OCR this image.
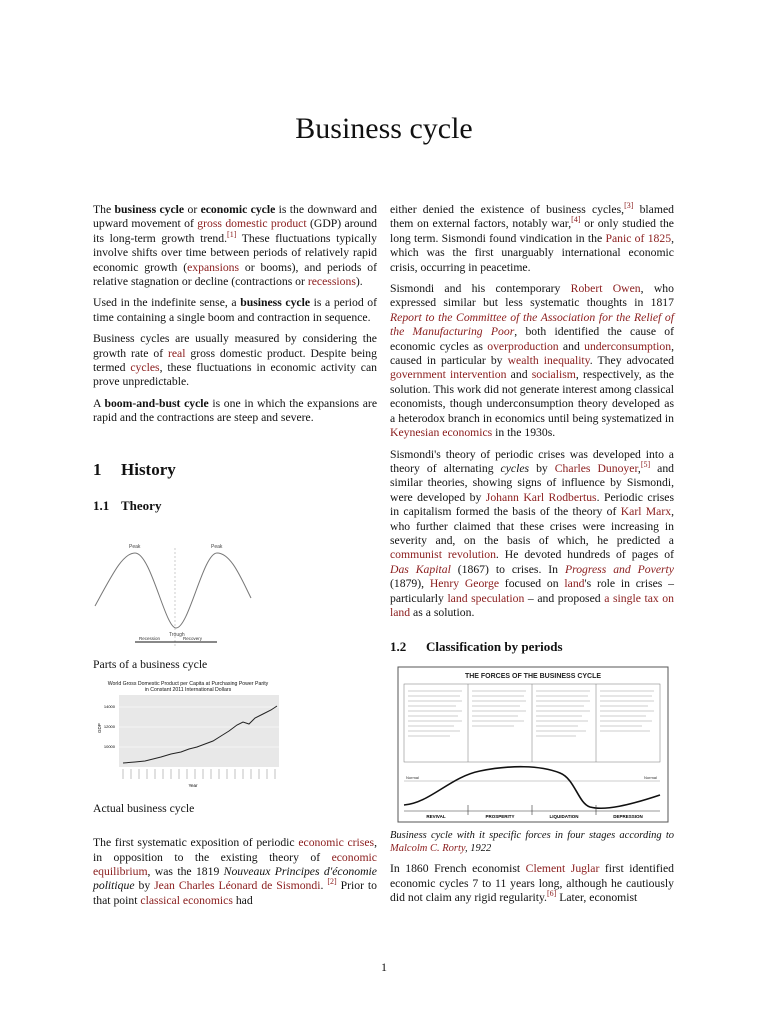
Business cycle

The business cycle or economic cycle is the downward and upward movement of gross domestic product (GDP) around its long-term growth trend.[1] These fluctuations typically involve shifts over time between periods of relatively rapid economic growth (expansions or booms), and periods of relative stagnation or decline (contractions or recessions).

Used in the indefinite sense, a business cycle is a period of time containing a single boom and contraction in sequence.

Business cycles are usually measured by considering the growth rate of real gross domestic product. Despite being termed cycles, these fluctuations in economic activity can prove unpredictable.

A boom-and-bust cycle is one in which the expansions are rapid and the contractions are steep and severe.

1 History
1.1 Theory
Peak	Peak
Trough
Recession	Recovery

Parts of a business cycle

World Gross Domestic Product per Capita at Purchasing Power Parity
in Constant 2011 International Dollars
14000
12000
10000
GDP
Year

Actual business cycle

The first systematic exposition of periodic economic crises, in opposition to the existing theory of economic equilibrium, was the 1819 Nouveaux Principes d'économie politique by Jean Charles Léonard de Sismondi. [2] Prior to that point classical economics had

either denied the existence of business cycles,[3] blamed them on external factors, notably war,[4] or only studied the long term. Sismondi found vindication in the Panic of 1825, which was the first unarguably international economic crisis, occurring in peacetime.

Sismondi and his contemporary Robert Owen, who expressed similar but less systematic thoughts in 1817 Report to the Committee of the Association for the Relief of the Manufacturing Poor, both identified the cause of economic cycles as overproduction and underconsumption, caused in particular by wealth inequality. They advocated government intervention and socialism, respectively, as the solution. This work did not generate interest among classical economists, though underconsumption theory developed as a heterodox branch in economics until being systematized in Keynesian economics in the 1930s.

Sismondi's theory of periodic crises was developed into a theory of alternating cycles by Charles Dunoyer,[5] and similar theories, showing signs of influence by Sismondi, were developed by Johann Karl Rodbertus. Periodic crises in capitalism formed the basis of the theory of Karl Marx, who further claimed that these crises were increasing in severity and, on the basis of which, he predicted a communist revolution. He devoted hundreds of pages of Das Kapital (1867) to crises. In Progress and Poverty (1879), Henry George focused on land's role in crises – particularly land speculation – and proposed a single tax on land as a solution.

1.2 Classification by periods
THE FORCES OF THE BUSINESS CYCLE
Normal	Normal
REVIVAL	PROSPERITY	LIQUIDATION	DEPRESSION

Business cycle with it specific forces in four stages according to Malcolm C. Rorty, 1922

In 1860 French economist Clement Juglar first identified economic cycles 7 to 11 years long, although he cautiously did not claim any rigid regularity.[6] Later, economist

1
